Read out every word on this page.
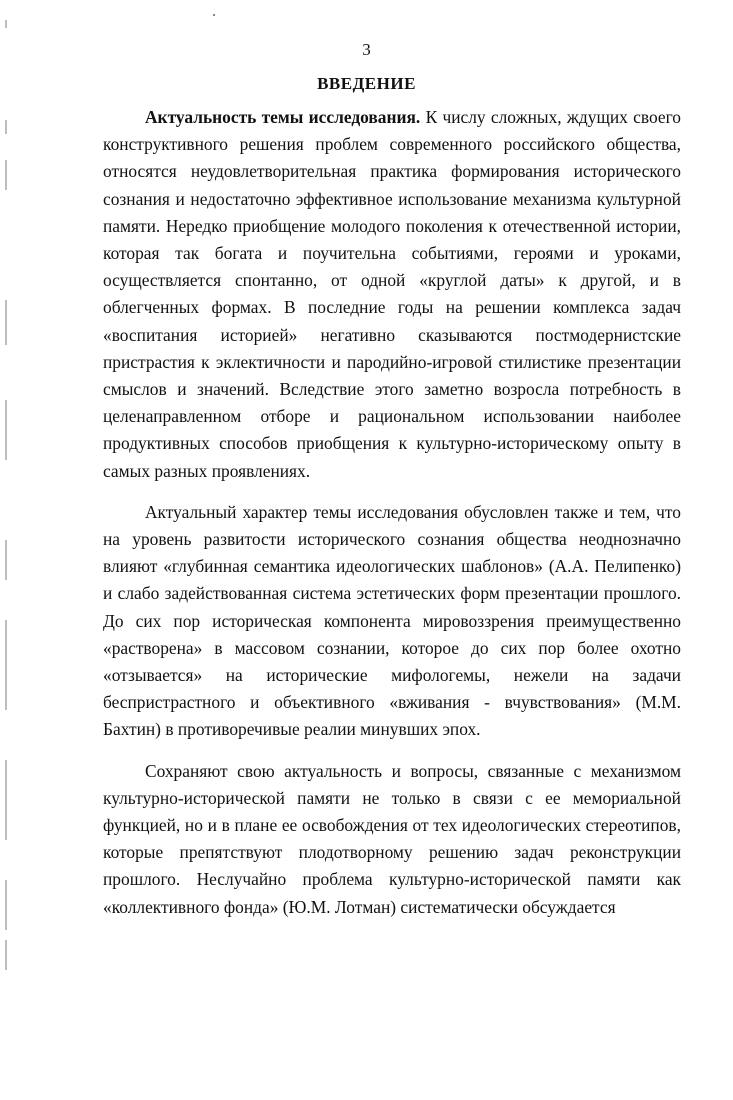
3
ВВЕДЕНИЕ

Актуальность темы исследования. К числу сложных, ждущих своего конструктивного решения проблем современного российского общества, относятся неудовлетворительная практика формирования исторического сознания и недостаточно эффективное использование механизма культурной памяти. Нередко приобщение молодого поколения к отечественной истории, которая так богата и поучительна событиями, героями и уроками, осуществляется спонтанно, от одной «круглой даты» к другой, и в облегченных формах. В последние годы на решении комплекса задач «воспитания историей» негативно сказываются постмодернистские пристрастия к эклектичности и пародийно-игровой стилистике презентации смыслов и значений. Вследствие этого заметно возросла потребность в целенаправленном отборе и рациональном использовании наиболее продуктивных способов приобщения к культурно-историческому опыту в самых разных проявлениях.

Актуальный характер темы исследования обусловлен также и тем, что на уровень развитости исторического сознания общества неоднозначно влияют «глубинная семантика идеологических шаблонов» (А.А. Пелипенко) и слабо задействованная система эстетических форм презентации прошлого. До сих пор историческая компонента мировоззрения преимущественно «растворена» в массовом сознании, которое до сих пор более охотно «отзывается» на исторические мифологемы, нежели на задачи беспристрастного и объективного «вживания - вчувствования» (М.М. Бахтин) в противоречивые реалии минувших эпох.

Сохраняют свою актуальность и вопросы, связанные с механизмом культурно-исторической памяти не только в связи с ее мемориальной функцией, но и в плане ее освобождения от тех идеологических стереотипов, которые препятствуют плодотворному решению задач реконструкции прошлого. Неслучайно проблема культурно-исторической памяти как «коллективного фонда» (Ю.М. Лотман) систематически обсуждается
